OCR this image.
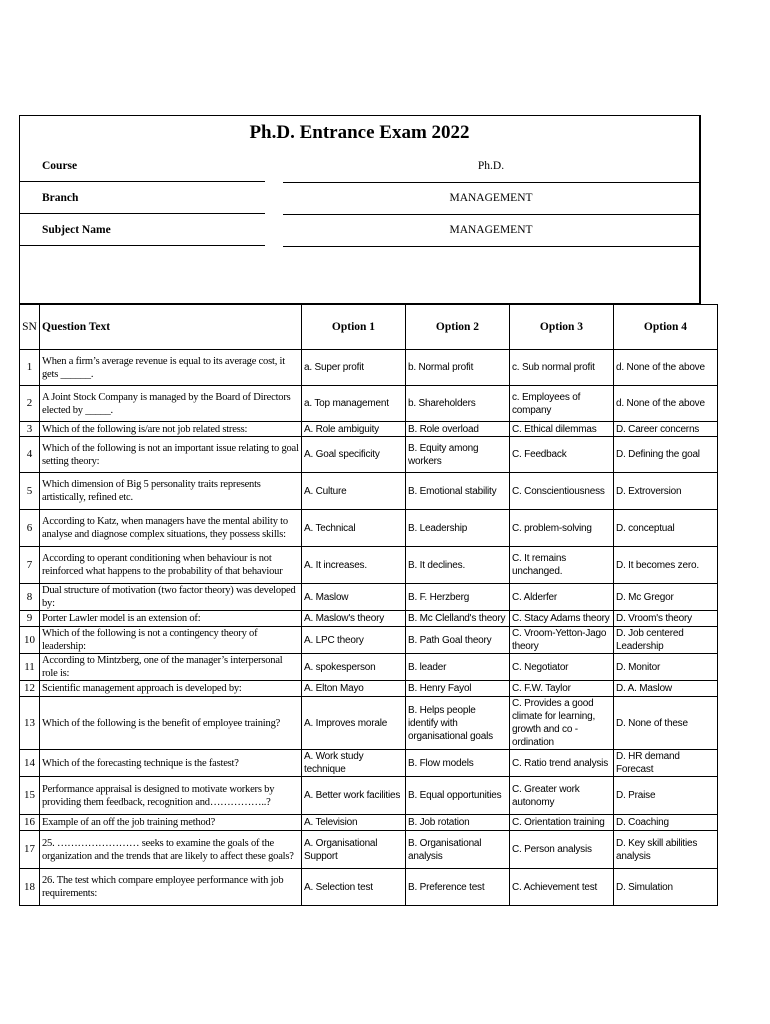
Ph.D. Entrance Exam 2022
Course	Ph.D.
Branch	MANAGEMENT
Subject Name	MANAGEMENT
SN	Question Text	Option 1	Option 2	Option 3	Option 4
1	When a firm’s average revenue is equal to its average cost, it gets ______.	a. Super profit	b. Normal profit	c. Sub normal profit	d. None of the above
2	A Joint Stock Company is managed by the Board of Directors elected by _____.	a. Top management	b. Shareholders	c. Employees of company	d. None of the above
3	Which of the following is/are not job related stress:	A. Role ambiguity	B. Role overload	C. Ethical dilemmas	D. Career concerns
4	Which of the following is not an important issue relating to goal setting theory:	A. Goal specificity	B. Equity among workers	C. Feedback	D. Defining the goal
5	Which dimension of Big 5 personality traits represents artistically, refined etc.	A. Culture	B. Emotional stability	C. Conscientiousness	D. Extroversion
6	According to Katz, when managers have the mental ability to analyse and diagnose complex situations, they possess skills:	A. Technical	B. Leadership	C. problem-solving	D. conceptual
7	According to operant conditioning when behaviour is not reinforced what happens to the probability of that behaviour	A. It increases.	B. It declines.	C. It remains unchanged.	D. It becomes zero.
8	Dual structure of motivation (two factor theory) was developed by:	A. Maslow	B. F. Herzberg	C. Alderfer	D. Mc Gregor
9	Porter Lawler model is an extension of:	A. Maslow's theory	B. Mc Clelland's theory	C. Stacy Adams theory	D. Vroom's theory
10	Which of the following is not a contingency theory of leadership:	A. LPC theory	B. Path Goal theory	C. Vroom-Yetton-Jago theory	D. Job centered Leadership
11	According to Mintzberg, one of the manager’s interpersonal role is:	A. spokesperson	B. leader	C. Negotiator	D. Monitor
12	Scientific management approach is developed by:	A. Elton Mayo	B. Henry Fayol	C. F.W. Taylor	D. A. Maslow
13	Which of the following is the benefit of employee training?	A. Improves morale	B. Helps people identify with organisational goals	C. Provides a good climate for learning, growth and co - ordination	D. None of these
14	Which of the forecasting technique is the fastest?	A. Work study technique	B. Flow models	C. Ratio trend analysis	D. HR demand Forecast
15	Performance appraisal is designed to motivate workers by providing them feedback, recognition and……………..?	A. Better work facilities	B. Equal opportunities	C. Greater work autonomy	D. Praise
16	Example of an off the job training method?	A. Television	B. Job rotation	C. Orientation training	D. Coaching
17	25. …………………… seeks to examine the goals of the organization and the trends that are likely to affect these goals?	A. Organisational Support	B. Organisational analysis	C. Person analysis	D. Key skill abilities analysis
18	26. The test which compare employee performance with job requirements:	A. Selection test	B. Preference test	C. Achievement test	D. Simulation
